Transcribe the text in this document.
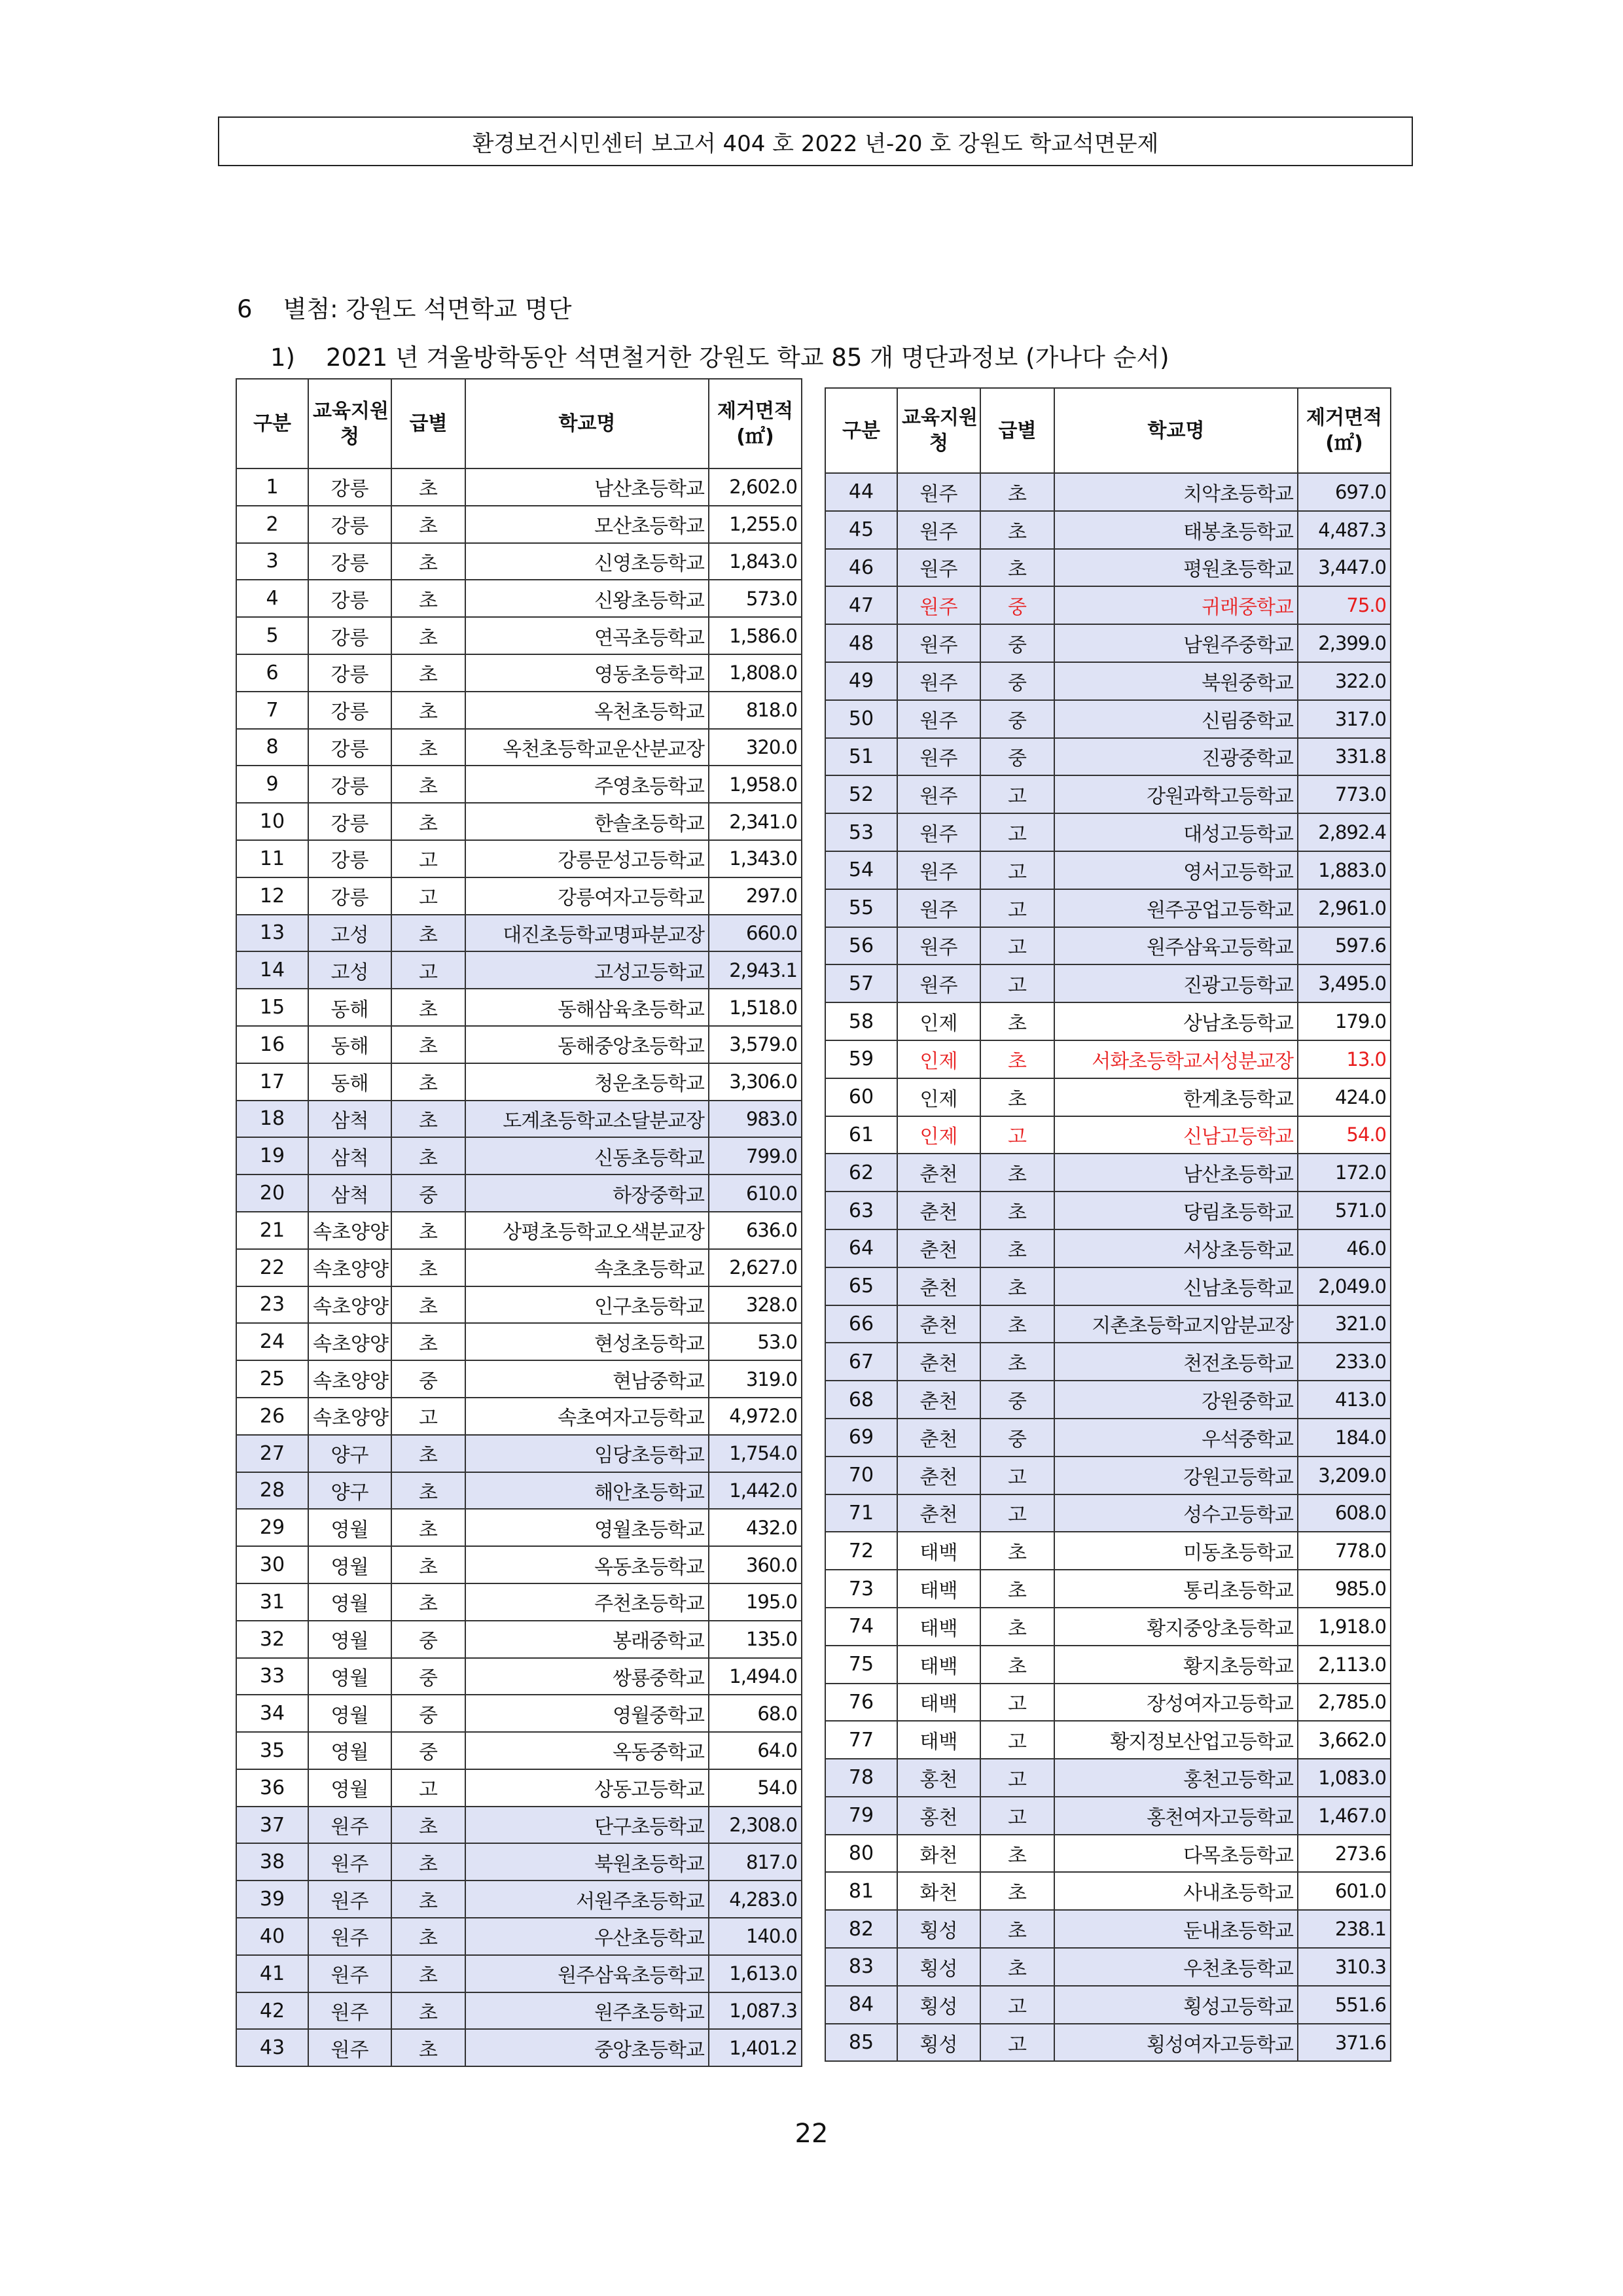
환경보건시민센터 보고서 404 호 2022 년-20 호 강원도 학교석면문제
6    별첨: 강원도 석면학교 명단
1)    2021 년 겨울방학동안 석면철거한 강원도 학교 85 개 명단과정보 (가나다 순서)
구분	교육지원
청	급별	학교명	제거면적
(㎡)
1	강릉	초	남산초등학교	2,602.0
2	강릉	초	모산초등학교	1,255.0
3	강릉	초	신영초등학교	1,843.0
4	강릉	초	신왕초등학교	573.0
5	강릉	초	연곡초등학교	1,586.0
6	강릉	초	영동초등학교	1,808.0
7	강릉	초	옥천초등학교	818.0
8	강릉	초	옥천초등학교운산분교장	320.0
9	강릉	초	주영초등학교	1,958.0
10	강릉	초	한솔초등학교	2,341.0
11	강릉	고	강릉문성고등학교	1,343.0
12	강릉	고	강릉여자고등학교	297.0
13	고성	초	대진초등학교명파분교장	660.0
14	고성	고	고성고등학교	2,943.1
15	동해	초	동해삼육초등학교	1,518.0
16	동해	초	동해중앙초등학교	3,579.0
17	동해	초	청운초등학교	3,306.0
18	삼척	초	도계초등학교소달분교장	983.0
19	삼척	초	신동초등학교	799.0
20	삼척	중	하장중학교	610.0
21	속초양양	초	상평초등학교오색분교장	636.0
22	속초양양	초	속초초등학교	2,627.0
23	속초양양	초	인구초등학교	328.0
24	속초양양	초	현성초등학교	53.0
25	속초양양	중	현남중학교	319.0
26	속초양양	고	속초여자고등학교	4,972.0
27	양구	초	임당초등학교	1,754.0
28	양구	초	해안초등학교	1,442.0
29	영월	초	영월초등학교	432.0
30	영월	초	옥동초등학교	360.0
31	영월	초	주천초등학교	195.0
32	영월	중	봉래중학교	135.0
33	영월	중	쌍룡중학교	1,494.0
34	영월	중	영월중학교	68.0
35	영월	중	옥동중학교	64.0
36	영월	고	상동고등학교	54.0
37	원주	초	단구초등학교	2,308.0
38	원주	초	북원초등학교	817.0
39	원주	초	서원주초등학교	4,283.0
40	원주	초	우산초등학교	140.0
41	원주	초	원주삼육초등학교	1,613.0
42	원주	초	원주초등학교	1,087.3
43	원주	초	중앙초등학교	1,401.2
구분	교육지원
청	급별	학교명	제거면적
(㎡)
44	원주	초	치악초등학교	697.0
45	원주	초	태봉초등학교	4,487.3
46	원주	초	평원초등학교	3,447.0
47	원주	중	귀래중학교	75.0
48	원주	중	남원주중학교	2,399.0
49	원주	중	북원중학교	322.0
50	원주	중	신림중학교	317.0
51	원주	중	진광중학교	331.8
52	원주	고	강원과학고등학교	773.0
53	원주	고	대성고등학교	2,892.4
54	원주	고	영서고등학교	1,883.0
55	원주	고	원주공업고등학교	2,961.0
56	원주	고	원주삼육고등학교	597.6
57	원주	고	진광고등학교	3,495.0
58	인제	초	상남초등학교	179.0
59	인제	초	서화초등학교서성분교장	13.0
60	인제	초	한계초등학교	424.0
61	인제	고	신남고등학교	54.0
62	춘천	초	남산초등학교	172.0
63	춘천	초	당림초등학교	571.0
64	춘천	초	서상초등학교	46.0
65	춘천	초	신남초등학교	2,049.0
66	춘천	초	지촌초등학교지암분교장	321.0
67	춘천	초	천전초등학교	233.0
68	춘천	중	강원중학교	413.0
69	춘천	중	우석중학교	184.0
70	춘천	고	강원고등학교	3,209.0
71	춘천	고	성수고등학교	608.0
72	태백	초	미동초등학교	778.0
73	태백	초	통리초등학교	985.0
74	태백	초	황지중앙초등학교	1,918.0
75	태백	초	황지초등학교	2,113.0
76	태백	고	장성여자고등학교	2,785.0
77	태백	고	황지정보산업고등학교	3,662.0
78	홍천	고	홍천고등학교	1,083.0
79	홍천	고	홍천여자고등학교	1,467.0
80	화천	초	다목초등학교	273.6
81	화천	초	사내초등학교	601.0
82	횡성	초	둔내초등학교	238.1
83	횡성	초	우천초등학교	310.3
84	횡성	고	횡성고등학교	551.6
85	횡성	고	횡성여자고등학교	371.6
22
